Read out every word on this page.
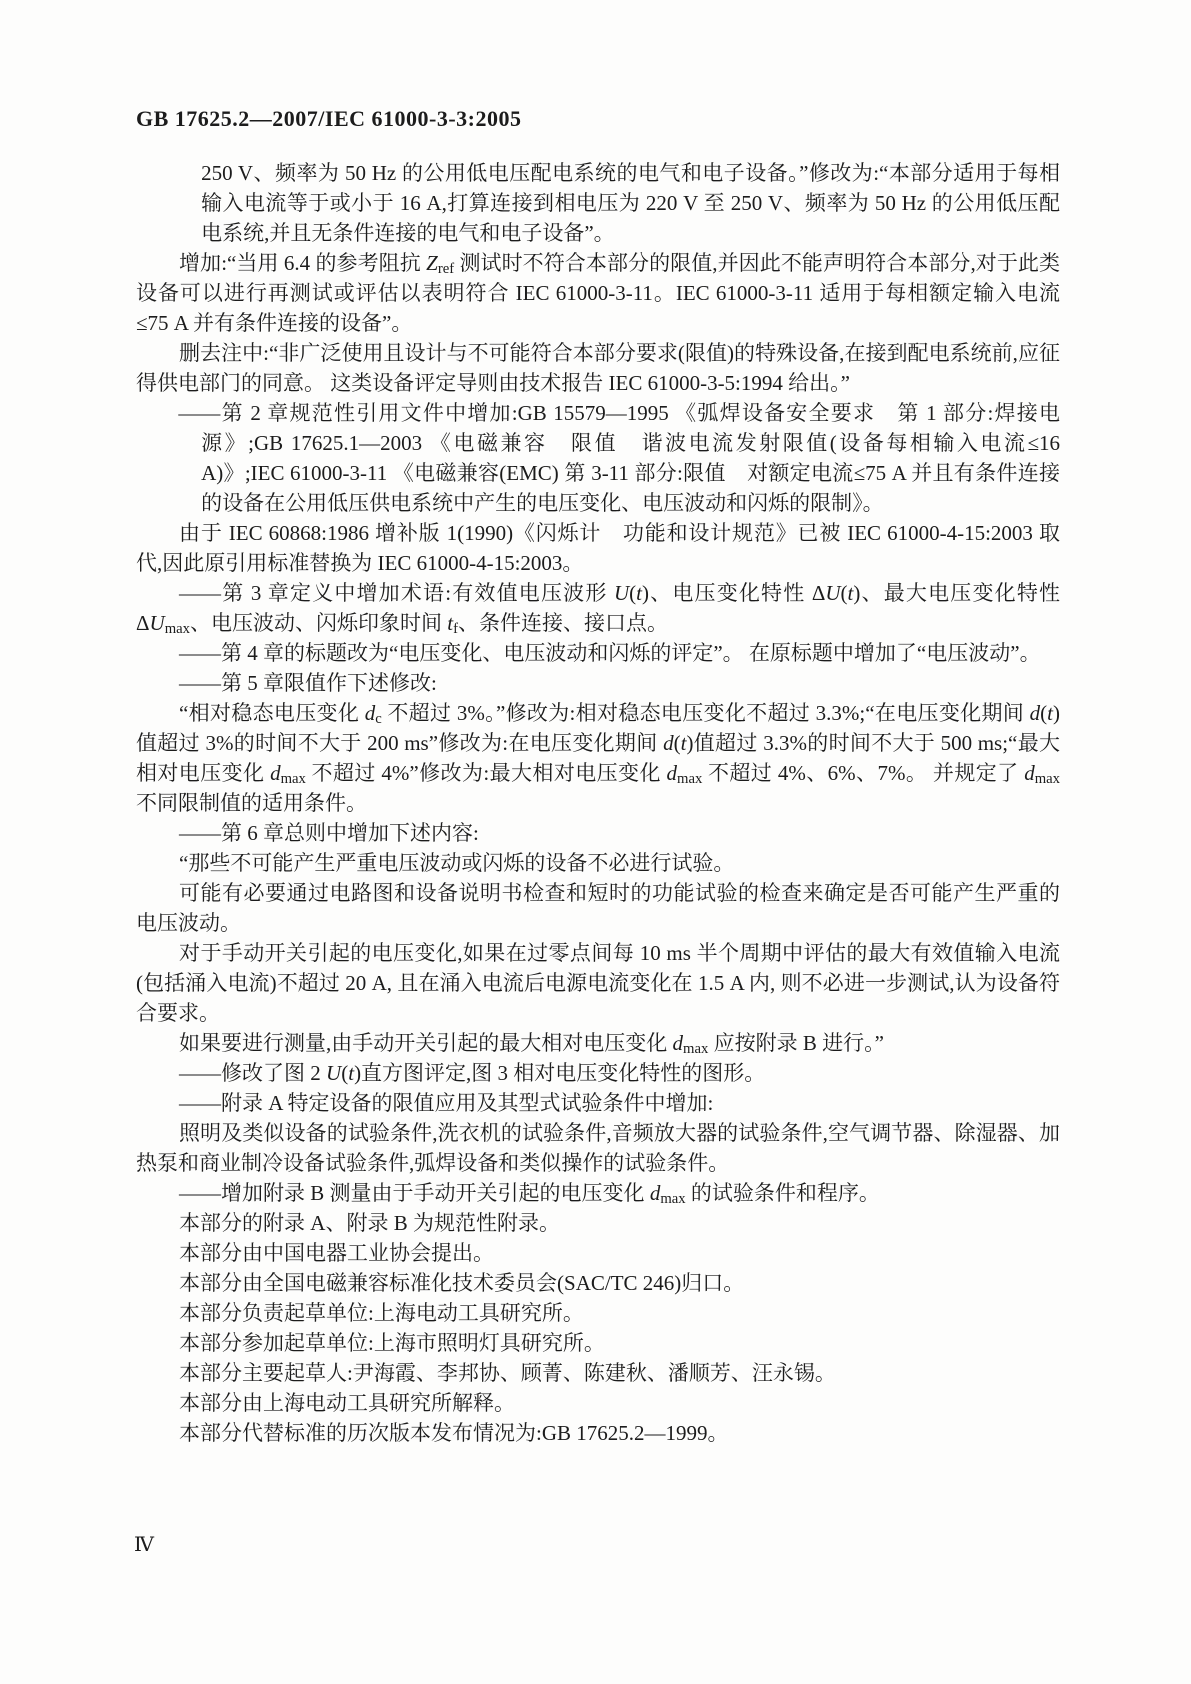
GB 17625.2—2007/IEC 61000-3-3:2005

250 V、频率为 50 Hz 的公用低电压配电系统的电气和电子设备。”修改为:“本部分适用于每相输入电流等于或小于 16 A,打算连接到相电压为 220 V 至 250 V、频率为 50 Hz 的公用低压配电系统,并且无条件连接的电气和电子设备”。

增加:“当用 6.4 的参考阻抗 $Z_{ref}$ 测试时不符合本部分的限值,并因此不能声明符合本部分,对于此类设备可以进行再测试或评估以表明符合 IEC 61000-3-11。IEC 61000-3-11 适用于每相额定输入电流≤75 A 并有条件连接的设备”。

删去注中:“非广泛使用且设计与不可能符合本部分要求(限值)的特殊设备,在接到配电系统前,应征得供电部门的同意。 这类设备评定导则由技术报告 IEC 61000-3-5:1994 给出。”

——第 2 章规范性引用文件中增加:GB 15579—1995 《弧焊设备安全要求　第 1 部分:焊接电源》;GB 17625.1—2003 《电磁兼容　限值　谐波电流发射限值(设备每相输入电流≤16 A)》;IEC 61000-3-11 《电磁兼容(EMC) 第 3-11 部分:限值　对额定电流≤75 A 并且有条件连接的设备在公用低压供电系统中产生的电压变化、电压波动和闪烁的限制》。

由于 IEC 60868:1986 增补版 1(1990)《闪烁计　功能和设计规范》已被 IEC 61000-4-15:2003 取代,因此原引用标准替换为 IEC 61000-4-15:2003。

——第 3 章定义中增加术语:有效值电压波形 U(t)、电压变化特性 ΔU(t)、最大电压变化特性 $\Delta U_{max}$、电压波动、闪烁印象时间 $t_f$、条件连接、接口点。

——第 4 章的标题改为“电压变化、电压波动和闪烁的评定”。 在原标题中增加了“电压波动”。

——第 5 章限值作下述修改:

“相对稳态电压变化 $d_c$ 不超过 3%。”修改为:相对稳态电压变化不超过 3.3%;“在电压变化期间 d(t) 值超过 3%的时间不大于 200 ms”修改为:在电压变化期间 d(t)值超过 3.3%的时间不大于 500 ms;“最大相对电压变化 $d_{max}$ 不超过 4%”修改为:最大相对电压变化 $d_{max}$ 不超过 4%、6%、7%。 并规定了 $d_{max}$ 不同限制值的适用条件。

——第 6 章总则中增加下述内容:

“那些不可能产生严重电压波动或闪烁的设备不必进行试验。

可能有必要通过电路图和设备说明书检查和短时的功能试验的检查来确定是否可能产生严重的电压波动。

对于手动开关引起的电压变化,如果在过零点间每 10 ms 半个周期中评估的最大有效值输入电流(包括涌入电流)不超过 20 A, 且在涌入电流后电源电流变化在 1.5 A 内, 则不必进一步测试,认为设备符合要求。

如果要进行测量,由手动开关引起的最大相对电压变化 $d_{max}$ 应按附录 B 进行。”

——修改了图 2 U(t)直方图评定,图 3 相对电压变化特性的图形。

——附录 A 特定设备的限值应用及其型式试验条件中增加:

照明及类似设备的试验条件,洗衣机的试验条件,音频放大器的试验条件,空气调节器、除湿器、加热泵和商业制冷设备试验条件,弧焊设备和类似操作的试验条件。

——增加附录 B 测量由于手动开关引起的电压变化 $d_{max}$ 的试验条件和程序。

本部分的附录 A、附录 B 为规范性附录。

本部分由中国电器工业协会提出。

本部分由全国电磁兼容标准化技术委员会(SAC/TC 246)归口。

本部分负责起草单位:上海电动工具研究所。

本部分参加起草单位:上海市照明灯具研究所。

本部分主要起草人:尹海霞、李邦协、顾菁、陈建秋、潘顺芳、汪永锡。

本部分由上海电动工具研究所解释。

本部分代替标准的历次版本发布情况为:GB 17625.2—1999。

Ⅳ
